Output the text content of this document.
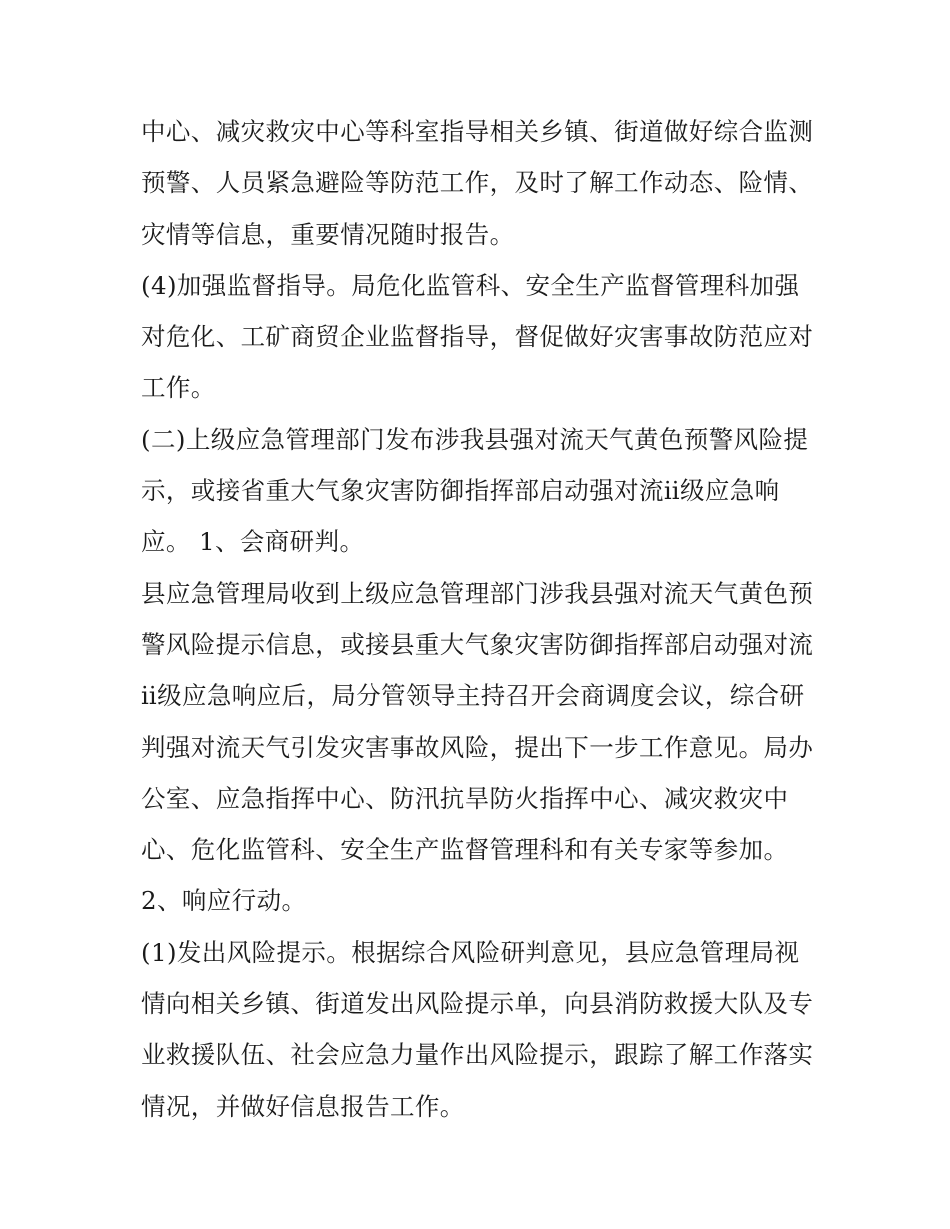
中心、减灾救灾中心等科室指导相关乡镇、街道做好综合监测

预警、人员紧急避险等防范工作，及时了解工作动态、险情、

灾情等信息，重要情况随时报告。

(4)加强监督指导。局危化监管科、安全生产监督管理科加强

对危化、工矿商贸企业监督指导，督促做好灾害事故防范应对

工作。

(二)上级应急管理部门发布涉我县强对流天气黄色预警风险提

示，或接省重大气象灾害防御指挥部启动强对流ⅱ级应急响

应。 1、会商研判。

县应急管理局收到上级应急管理部门涉我县强对流天气黄色预

警风险提示信息，或接县重大气象灾害防御指挥部启动强对流

ⅱ级应急响应后，局分管领导主持召开会商调度会议，综合研

判强对流天气引发灾害事故风险，提出下一步工作意见。局办

公室、应急指挥中心、防汛抗旱防火指挥中心、减灾救灾中

心、危化监管科、安全生产监督管理科和有关专家等参加。

2、响应行动。

(1)发出风险提示。根据综合风险研判意见，县应急管理局视

情向相关乡镇、街道发出风险提示单，向县消防救援大队及专

业救援队伍、社会应急力量作出风险提示，跟踪了解工作落实

情况，并做好信息报告工作。
